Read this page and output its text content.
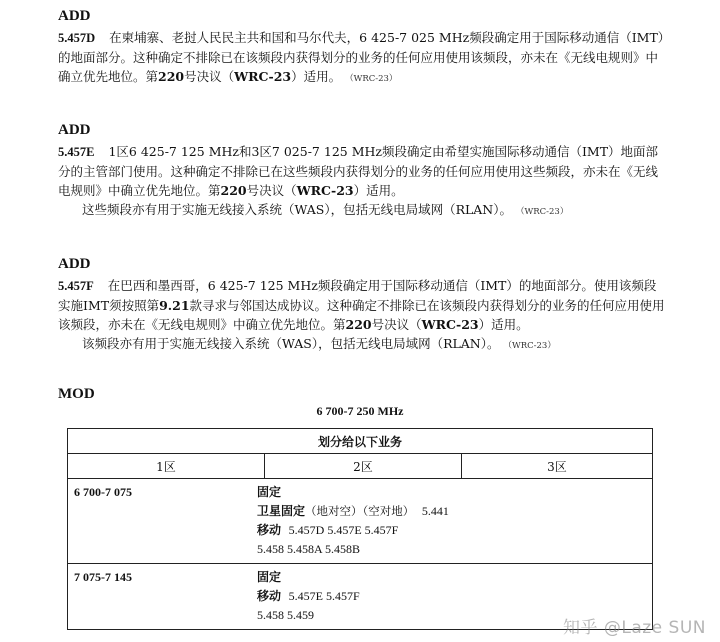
ADD

5.457D 在柬埔寨、老挝人民民主共和国和马尔代夫，6 425-7 025 MHz频段确定用于国际移动通信（IMT）的地面部分。这种确定不排除已在该频段内获得划分的业务的任何应用使用该频段，亦未在《无线电规则》中确立优先地位。第220号决议（WRC-23）适用。 （WRC-23）

ADD

5.457E 1区6 425-7 125 MHz和3区7 025-7 125 MHz频段确定由希望实施国际移动通信（IMT）地面部分的主管部门使用。这种确定不排除已在这些频段内获得划分的业务的任何应用使用这些频段，亦未在《无线电规则》中确立优先地位。第220号决议（WRC-23）适用。

这些频段亦有用于实施无线接入系统（WAS），包括无线电局域网（RLAN）。 （WRC-23）

ADD

5.457F 在巴西和墨西哥，6 425-7 125 MHz频段确定用于国际移动通信（IMT）的地面部分。使用该频段实施IMT须按照第9.21款寻求与邻国达成协议。这种确定不排除已在该频段内获得划分的业务的任何应用使用该频段，亦未在《无线电规则》中确立优先地位。第220号决议（WRC-23）适用。

该频段亦有用于实施无线接入系统（WAS），包括无线电局域网（RLAN）。 （WRC-23）

MOD

6 700-7 250 MHz
划分给以下业务
1区	2区	3区

6 700-7 075	固定
卫星固定（地对空）（空对地） 5.441
移动 5.457D 5.457E 5.457F
5.458 5.458A 5.458B

7 075-7 145	固定
移动 5.457E 5.457F
5.458 5.459
知乎 @Laze SUN
